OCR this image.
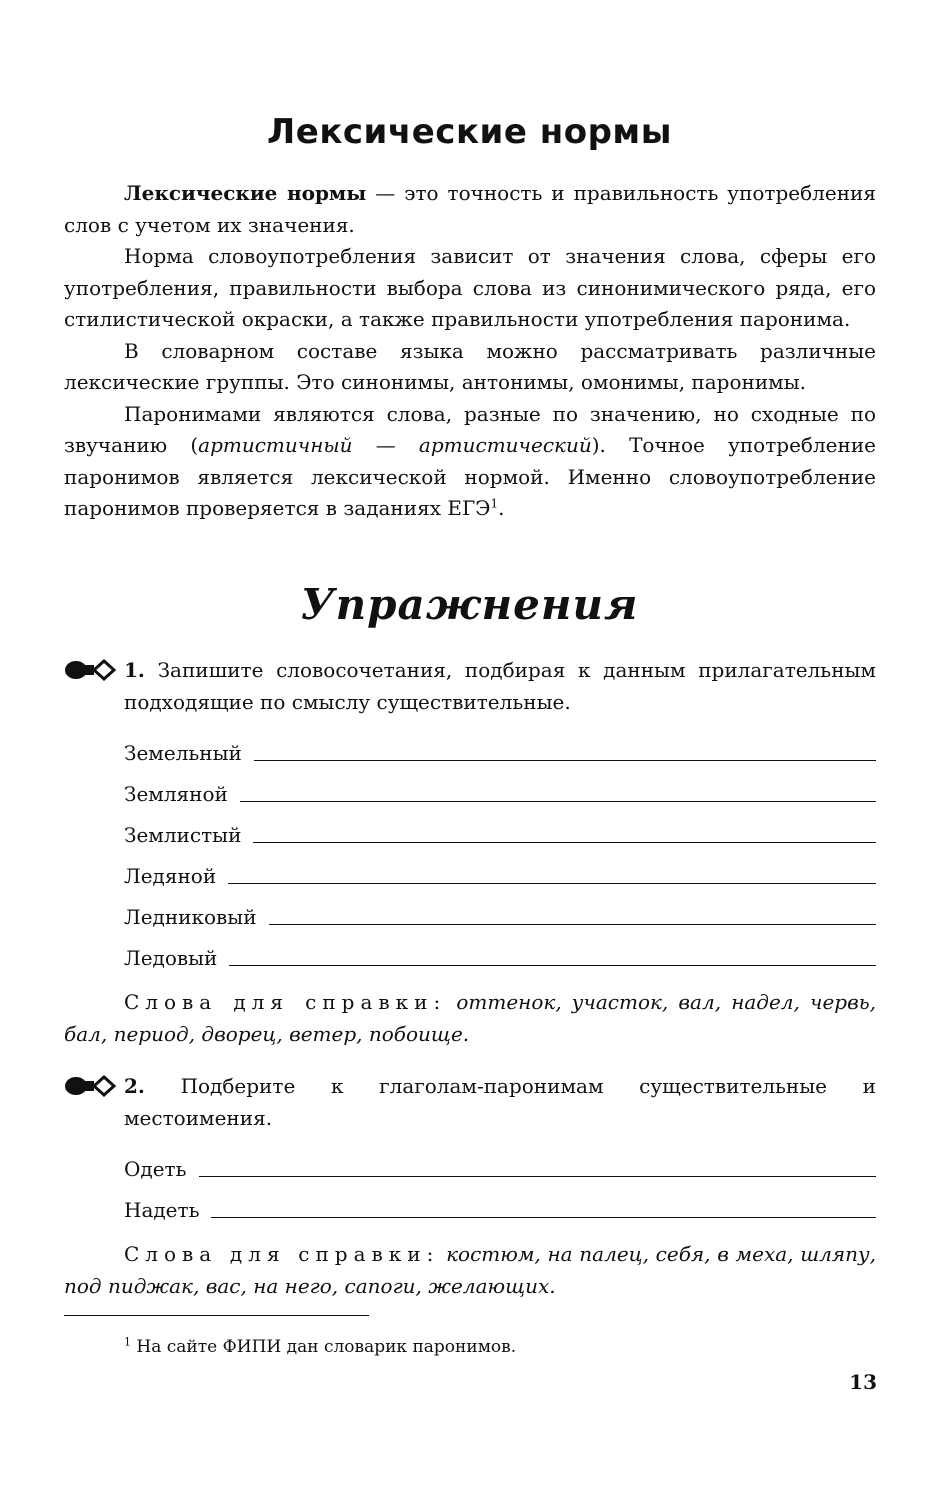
Лексические нормы

Лексические нормы — это точность и правильность употребления слов с учетом их значения.

Норма словоупотребления зависит от значения слова, сферы его употребления, правильности выбора слова из синонимического ряда, его стилистической окраски, а также правильности употребления паронима.

В словарном составе языка можно рассматривать различные лексические группы. Это синонимы, антонимы, омонимы, паронимы.

Паронимами являются слова, разные по значению, но сходные по звучанию (артистичный — артистический). Точное употребление паронимов является лексической нормой. Именно словоупотребление паронимов проверяется в заданиях ЕГЭ$^1$.

Упражнения
1. Запишите словосочетания, подбирая к данным прилагательным подходящие по смыслу существительные.
Земельный
Земляной
Землистый
Ледяной
Ледниковый
Ледовый
Слова для справки: оттенок, участок, вал, надел, червь, бал, период, дворец, ветер, побоище.
2. Подберите к глаголам-паронимам существительные и местоимения.
Одеть
Надеть
Слова для справки: костюм, на палец, себя, в меха, шляпу, под пиджак, вас, на него, сапоги, желающих.
$^1$ На сайте ФИПИ дан словарик паронимов.
13
